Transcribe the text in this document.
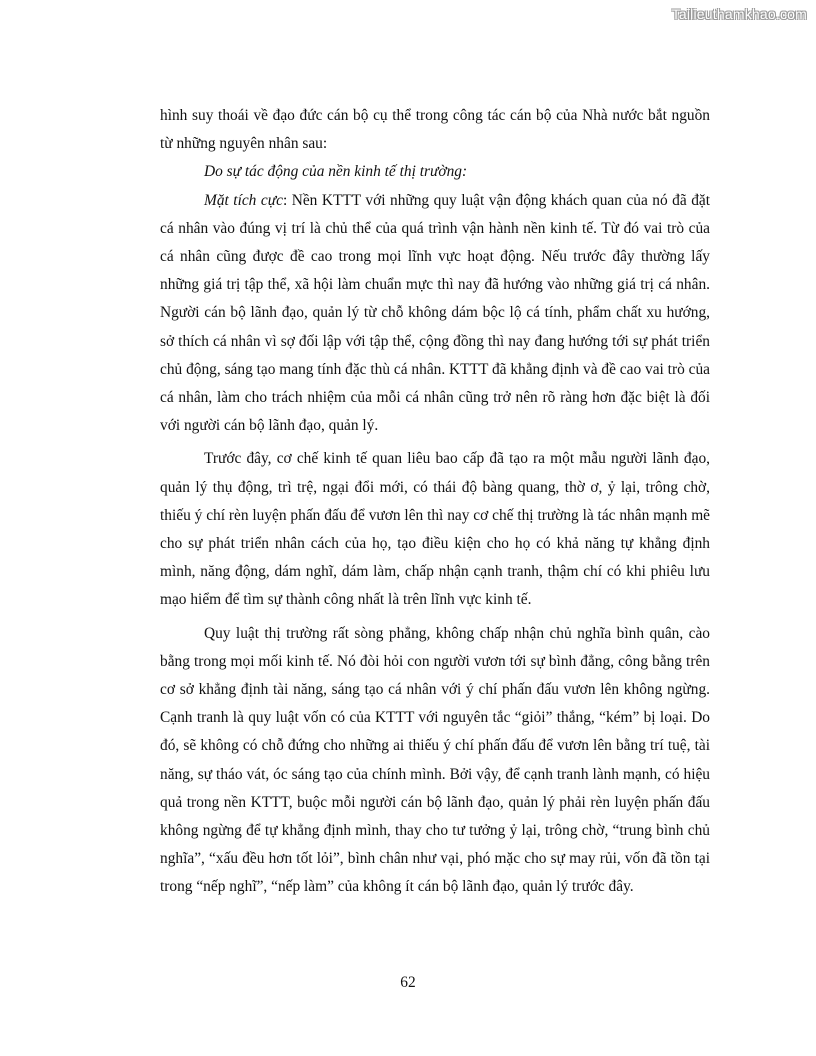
Tailieuthamkhao.com

hình suy thoái về đạo đức cán bộ cụ thể trong công tác cán bộ của Nhà nước bắt nguồn từ những nguyên nhân sau:

Do sự tác động của nền kinh tế thị trường:

Mặt tích cực: Nền KTTT với những quy luật vận động khách quan của nó đã đặt cá nhân vào đúng vị trí là chủ thể của quá trình vận hành nền kinh tế. Từ đó vai trò của cá nhân cũng được đề cao trong mọi lĩnh vực hoạt động. Nếu trước đây thường lấy những giá trị tập thể, xã hội làm chuẩn mực thì nay đã hướng vào những giá trị cá nhân. Người cán bộ lãnh đạo, quản lý từ chỗ không dám bộc lộ cá tính, phẩm chất xu hướng, sở thích cá nhân vì sợ đối lập với tập thể, cộng đồng thì nay đang hướng tới sự phát triển chủ động, sáng tạo mang tính đặc thù cá nhân. KTTT đã khẳng định và đề cao vai trò của cá nhân, làm cho trách nhiệm của mỗi cá nhân cũng trở nên rõ ràng hơn đặc biệt là đối với người cán bộ lãnh đạo, quản lý.

Trước đây, cơ chế kinh tế quan liêu bao cấp đã tạo ra một mẫu người lãnh đạo, quản lý thụ động, trì trệ, ngại đổi mới, có thái độ bàng quang, thờ ơ, ỷ lại, trông chờ, thiếu ý chí rèn luyện phấn đấu để vươn lên thì nay cơ chế thị trường là tác nhân mạnh mẽ cho sự phát triển nhân cách của họ, tạo điều kiện cho họ có khả năng tự khẳng định mình, năng động, dám nghĩ, dám làm, chấp nhận cạnh tranh, thậm chí có khi phiêu lưu mạo hiểm để tìm sự thành công nhất là trên lĩnh vực kinh tế.

Quy luật thị trường rất sòng phẳng, không chấp nhận chủ nghĩa bình quân, cào bằng trong mọi mối kinh tế. Nó đòi hỏi con người vươn tới sự bình đẳng, công bằng trên cơ sở khẳng định tài năng, sáng tạo cá nhân với ý chí phấn đấu vươn lên không ngừng. Cạnh tranh là quy luật vốn có của KTTT với nguyên tắc “giỏi” thắng, “kém” bị loại. Do đó, sẽ không có chỗ đứng cho những ai thiếu ý chí phấn đấu để vươn lên bằng trí tuệ, tài năng, sự tháo vát, óc sáng tạo của chính mình. Bởi vậy, để cạnh tranh lành mạnh, có hiệu quả trong nền KTTT, buộc mỗi người cán bộ lãnh đạo, quản lý phải rèn luyện phấn đấu không ngừng để tự khẳng định mình, thay cho tư tưởng ỷ lại, trông chờ, “trung bình chủ nghĩa”, “xấu đều hơn tốt lỏi”, bình chân như vại, phó mặc cho sự may rủi, vốn đã tồn tại trong “nếp nghĩ”, “nếp làm” của không ít cán bộ lãnh đạo, quản lý trước đây.

62
